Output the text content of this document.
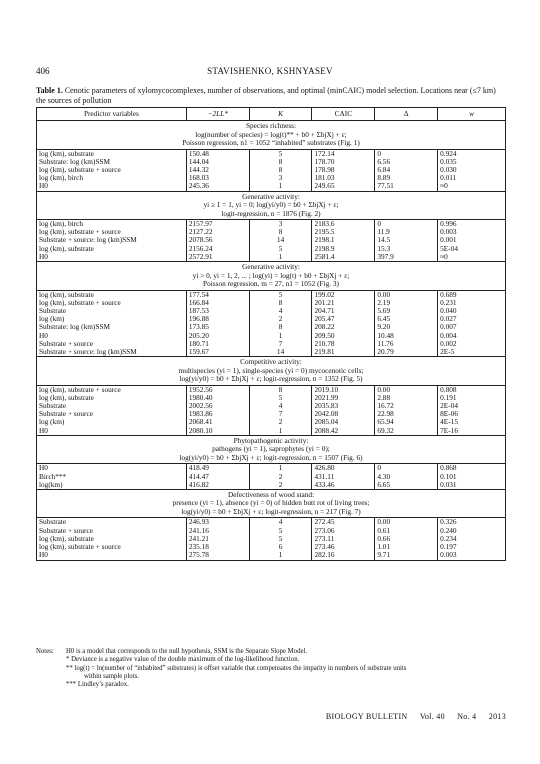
406	STAVISHENKO, KSHNYASEV
Table 1. Cenotic parameters of xylomycocomplexes, number of observations, and optimal (minCAIC) model selection. Locations near (≤7 km) the sources of pollution
Predictor variables	−2LL*	K	CAIC	Δ	w

Species richness:
log(number of species) = log(t)** + b0 + ΣbjXj + ε;
Poisson regression, n1 = 1052 “inhabited” substrates (Fig. 1)					

log (km), substrate	150.48	5	172.14	0	0.924
Substrate: log (km)SSM	144.04	8	178.70	6.56	0.035
log (km), substrate + source	144.32	8	178.98	6.84	0.030
log (km), birch	168.03	3	181.03	8.89	0.011
H0	245.36	1	249.65	77.51	≈0

Generative activity:
yi ≥ 1 = 1, yi = 0; log(yi/y0) = b0 + ΣbjXj + ε;
logit-regression, n = 1876 (Fig. 2)					

log (km), birch	2157.97	3	2183.6	0	0.996
log (km), substrate + source	2127.22	8	2195.5	11.9	0.003
Substrate + source: log (km)SSM	2078.56	14	2198.1	14.5	0.001
log (km), substrate	2156.24	5	2198.9	15.3	5E-04
H0	2572.91	1	2581.4	397.9	≈0

Generative activity:
yi > 0, yi = 1, 2, ... ; log(yi) = log(t) + b0 + ΣbjXj + ε;
Poisson regression, m = 27, n1 = 1052 (Fig. 3)					

log (km), substrate	177.54	5	199.02	0.00	0.689
log (km), substrate + source	166.84	8	201.21	2.19	0.231
Substrate	187.53	4	204.71	5.69	0.040
log (km)	196.88	2	205.47	6.45	0.027
Substrate: log (km)SSM	173.85	8	208.22	9.20	0.007
H0	205.20	1	209.50	10.48	0.004
Substrate + source	180.71	7	210.78	11.76	0.002
Substrate + source: log (km)SSM	159.67	14	219.81	20.79	2E-5

Competitive activity:
multispecies (yi = 1), single-species (yi = 0) mycocenotic cells;
log(yi/y0) = b0 + ΣbjXj + ε; logit-regression, n = 1352 (Fig. 5)					

log (km), substrate + source	1952.56	8	2019.10	0.00	0.808
log (km), substrate	1980.40	5	2021.99	2.88	0.191
Substrate	2002.56	4	2035.83	16.72	2E-04
Substrate + source	1983.86	7	2042.08	22.98	8E-06
log (km)	2068.41	2	2085.04	65.94	4E-15
H0	2080.10	1	2088.42	69.32	7E-16

Phytopathogenic activity:
pathogens (yi = 1), saprophytes (yi = 0);
log(yi/y0) = b0 + ΣbjXj + ε; logit-regression, n = 1507 (Fig. 6)					

H0	418.49	1	426.80	0	0.868
Birch***	414.47	2	431.11	4.30	0.101
log(km)	416.82	2	433.46	6.65	0.031

Defectiveness of wood stand:
presence (yi = 1), absence (yi = 0) of hidden butt rot of living trees;
log(yi/y0) = b0 + ΣbjXj + ε; logit-regression, n = 217 (Fig. 7)					

Substrate	246.93	4	272.45	0.00	0.326
Substrate + source	241.16	5	273.06	0.61	0.240
log (km), substrate	241.21	5	273.11	0.66	0.234
log (km), substrate + source	235.18	6	273.46	1.01	0.197
H0	275.78	1	282.16	9.71	0.003
Notes:	H0 is a model that corresponds to the null hypothesis, SSM is the Separate Slope Model.
* Deviance is a negative value of the double maximum of the log-likelihood function.
** log(t) = ln(number of “inhabited” substrates) is offset variable that compensates the imparity in numbers of substrate units
within sample plots.
*** Lindley’s paradox.
BIOLOGY BULLETIN Vol. 40 No. 4 2013
